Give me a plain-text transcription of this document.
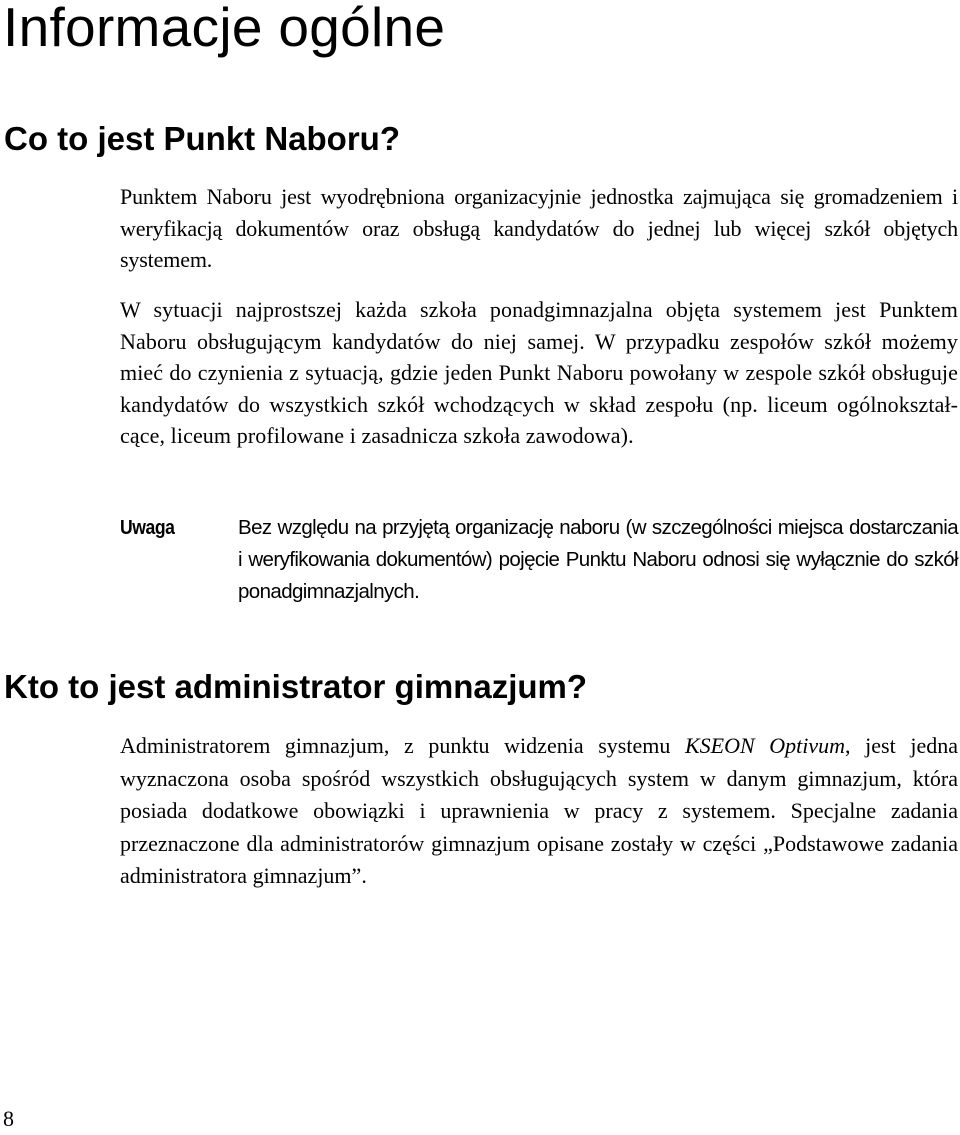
Informacje ogólne
Co to jest Punkt Naboru?

Punktem Naboru jest wyodrębniona organizacyjnie jednostka zajmująca się gromadzeniem i weryfikacją dokumentów oraz obsługą kandydatów do jednej lub więcej szkół objętych systemem.

W sytuacji najprostszej każda szkoła ponadgimnazjalna objęta systemem jest Punktem Naboru obsługującym kandydatów do niej samej. W przypadku zespołów szkół możemy mieć do czynienia z sytuacją, gdzie jeden Punkt Naboru powołany w zespole szkół obsługuje kandydatów do wszystkich szkół wchodzących w skład zespołu (np. liceum ogólnokształcące, liceum profilowane i zasadnicza szkoła zawodowa).

Uwaga	Bez względu na przyjętą organizację naboru (w szczególności miejsca dostarczania i weryfikowania dokumentów) pojęcie Punktu Naboru odnosi się wyłącznie do szkół ponadgimnazjalnych.

Kto to jest administrator gimnazjum?

Administratorem gimnazjum, z punktu widzenia systemu KSEON Optivum, jest jedna wyznaczona osoba spośród wszystkich obsługujących system w danym gimnazjum, która posiada dodatkowe obowiązki i uprawnienia w pracy z systemem. Specjalne zadania przeznaczone dla administratorów gimnazjum opisane zostały w części „Podstawowe zadania administratora gimnazjum”.

8
